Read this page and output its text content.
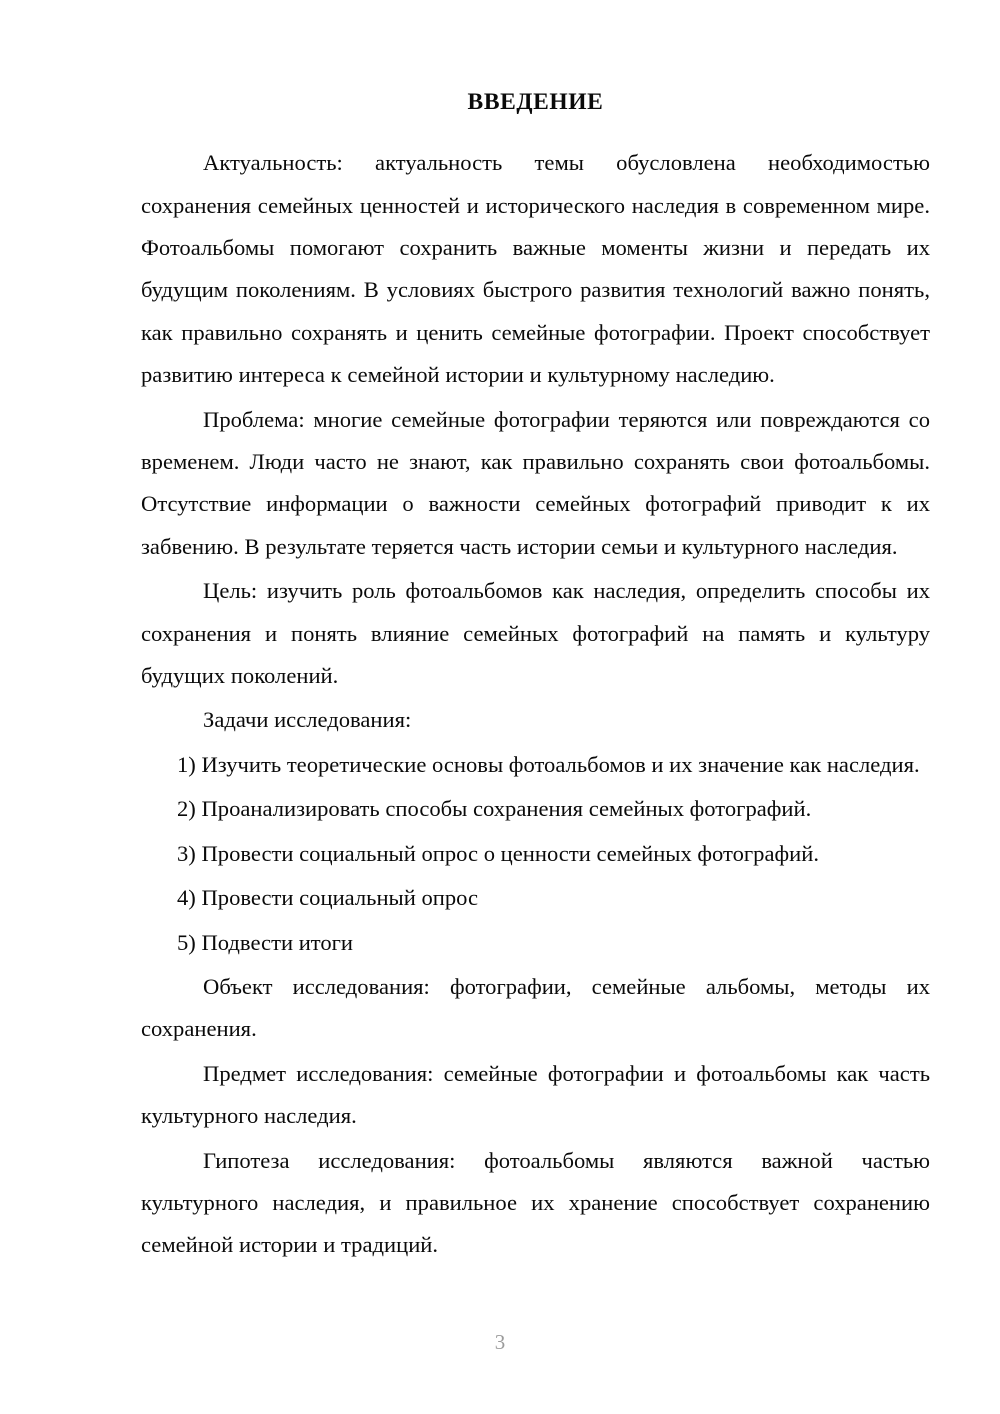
ВВЕДЕНИЕ

Актуальность: актуальность темы обусловлена необходимостью сохранения семейных ценностей и исторического наследия в современном мире. Фотоальбомы помогают сохранить важные моменты жизни и передать их будущим поколениям. В условиях быстрого развития технологий важно понять, как правильно сохранять и ценить семейные фотографии. Проект способствует развитию интереса к семейной истории и культурному наследию.

Проблема: многие семейные фотографии теряются или повреждаются со временем. Люди часто не знают, как правильно сохранять свои фотоальбомы. Отсутствие информации о важности семейных фотографий приводит к их забвению. В результате теряется часть истории семьи и культурного наследия.

Цель: изучить роль фотоальбомов как наследия, определить способы их сохранения и понять влияние семейных фотографий на память и культуру будущих поколений.

Задачи исследования:

1) Изучить теоретические основы фотоальбомов и их значение как наследия.

2) Проанализировать способы сохранения семейных фотографий.

3) Провести социальный опрос о ценности семейных фотографий.

4) Провести социальный опрос

5) Подвести итоги

Объект исследования: фотографии, семейные альбомы, методы их сохранения.

Предмет исследования: семейные фотографии и фотоальбомы как часть культурного наследия.

Гипотеза исследования: фотоальбомы являются важной частью культурного наследия, и правильное их хранение способствует сохранению семейной истории и традиций.

3
